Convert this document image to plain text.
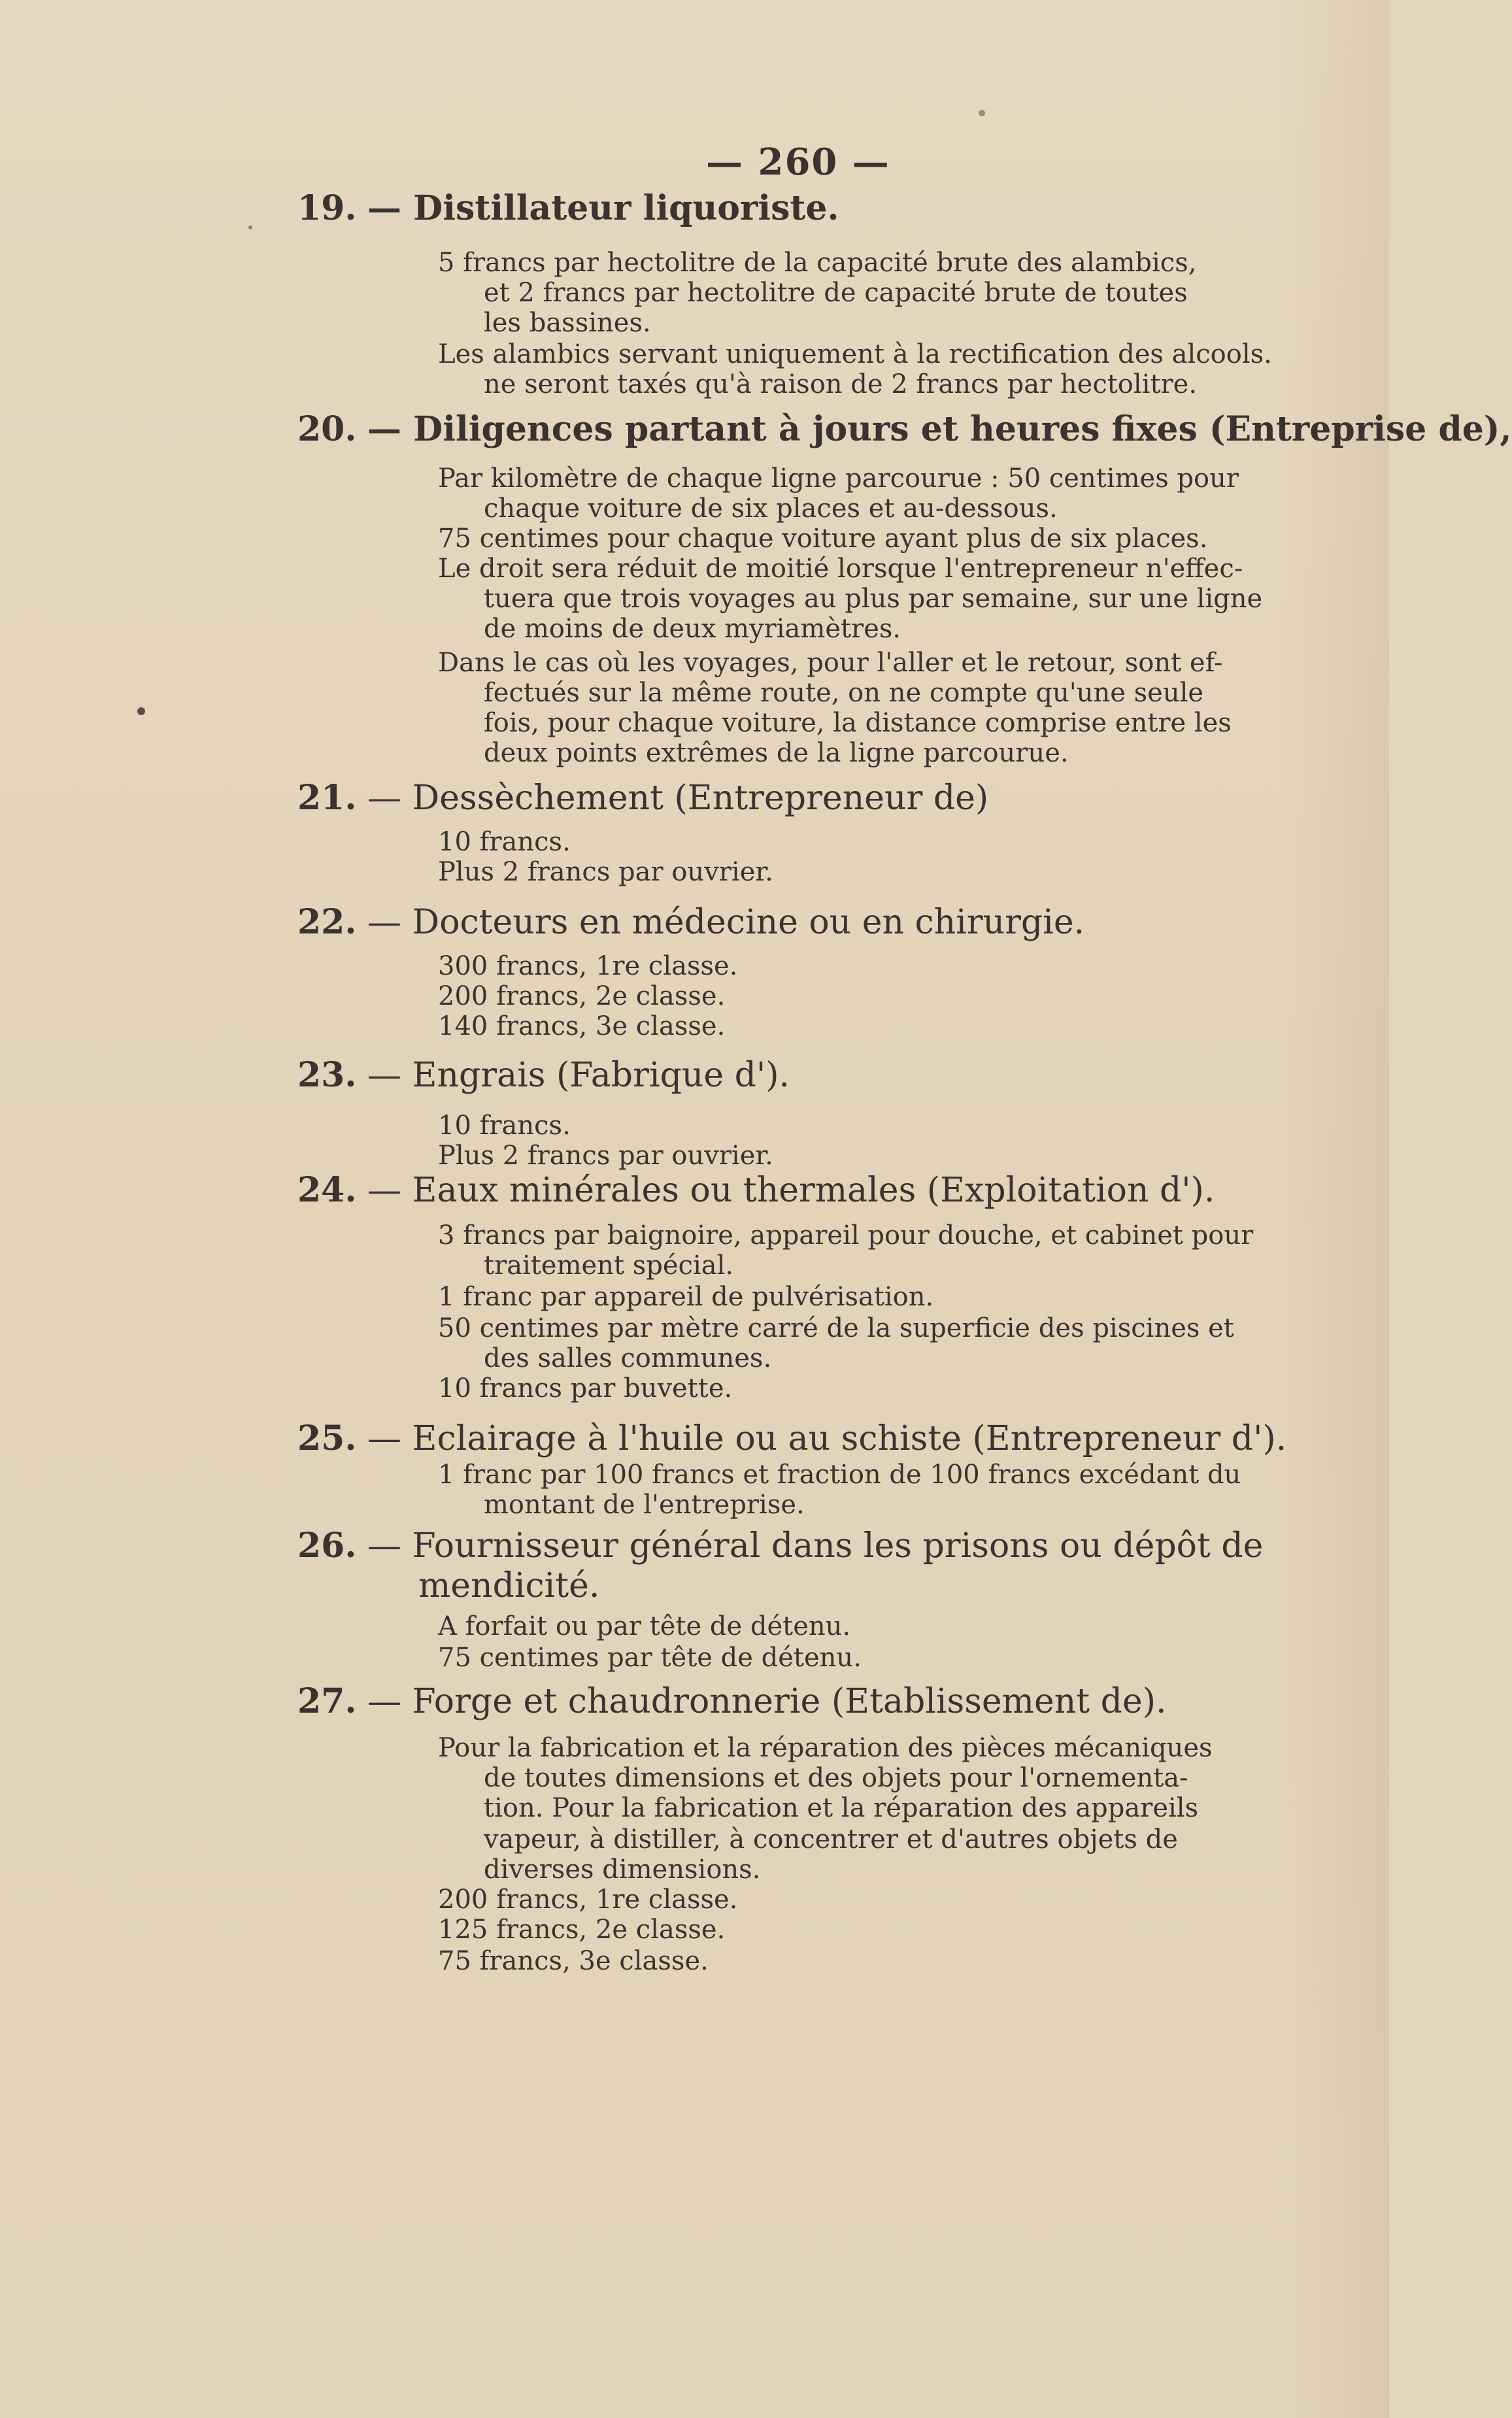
— 260 —
19. — Distillateur liquoriste.
5 francs par hectolitre de la capacité brute des alambics,
et 2 francs par hectolitre de capacité brute de toutes
les bassines.
Les alambics servant uniquement à la rectification des alcools.
ne seront taxés qu'à raison de 2 francs par hectolitre.
20. — Diligences partant à jours et heures fixes (Entreprise de),
Par kilomètre de chaque ligne parcourue : 50 centimes pour
chaque voiture de six places et au-dessous.
75 centimes pour chaque voiture ayant plus de six places.
Le droit sera réduit de moitié lorsque l'entrepreneur n'effec-
tuera que trois voyages au plus par semaine, sur une ligne
de moins de deux myriamètres.
Dans le cas où les voyages, pour l'aller et le retour, sont ef-
fectués sur la même route, on ne compte qu'une seule
fois, pour chaque voiture, la distance comprise entre les
deux points extrêmes de la ligne parcourue.
21. — Dessèchement (Entrepreneur de)
10 francs.
Plus 2 francs par ouvrier.
22. — Docteurs en médecine ou en chirurgie.
300 francs, 1re classe.
200 francs, 2e classe.
140 francs, 3e classe.
23. — Engrais (Fabrique d').
10 francs.
Plus 2 francs par ouvrier.
24. — Eaux minérales ou thermales (Exploitation d').
3 francs par baignoire, appareil pour douche, et cabinet pour
traitement spécial.
1 franc par appareil de pulvérisation.
50 centimes par mètre carré de la superficie des piscines et
des salles communes.
10 francs par buvette.
25. — Eclairage à l'huile ou au schiste (Entrepreneur d').
1 franc par 100 francs et fraction de 100 francs excédant du
montant de l'entreprise.
26. — Fournisseur général dans les prisons ou dépôt de
mendicité.
A forfait ou par tête de détenu.
75 centimes par tête de détenu.
27. — Forge et chaudronnerie (Etablissement de).
Pour la fabrication et la réparation des pièces mécaniques
de toutes dimensions et des objets pour l'ornementa-
tion. Pour la fabrication et la réparation des appareils
vapeur, à distiller, à concentrer et d'autres objets de
diverses dimensions.
200 francs, 1re classe.
125 francs, 2e classe.
75 francs, 3e classe.
